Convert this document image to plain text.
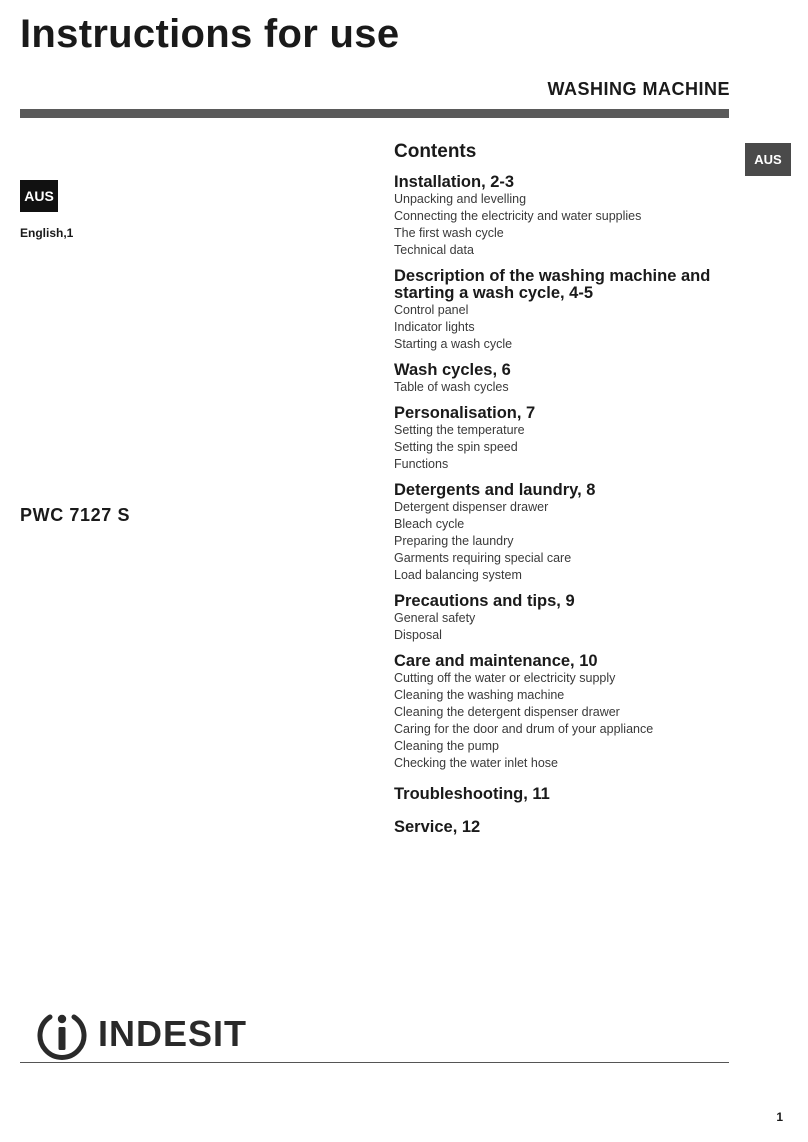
Instructions for use
WASHING MACHINE
AUS
AUS
English,1
PWC 7127 S
Contents
Installation, 2-3
Unpacking and levelling
Connecting the electricity and water supplies
The first wash cycle
Technical data
Description of the washing machine and starting a wash cycle, 4-5
Control panel
Indicator lights
Starting a wash cycle
Wash cycles, 6
Table of wash cycles
Personalisation, 7
Setting the temperature
Setting the spin speed
Functions
Detergents and laundry, 8
Detergent dispenser drawer
Bleach cycle
Preparing the laundry
Garments requiring special care
Load balancing system
Precautions and tips, 9
General safety
Disposal
Care and maintenance, 10
Cutting off the water or electricity supply
Cleaning the washing machine
Cleaning the detergent dispenser drawer
Caring for the door and drum of your appliance
Cleaning the pump
Checking the water inlet hose
Troubleshooting, 11
Service, 12
INDESIT
1
